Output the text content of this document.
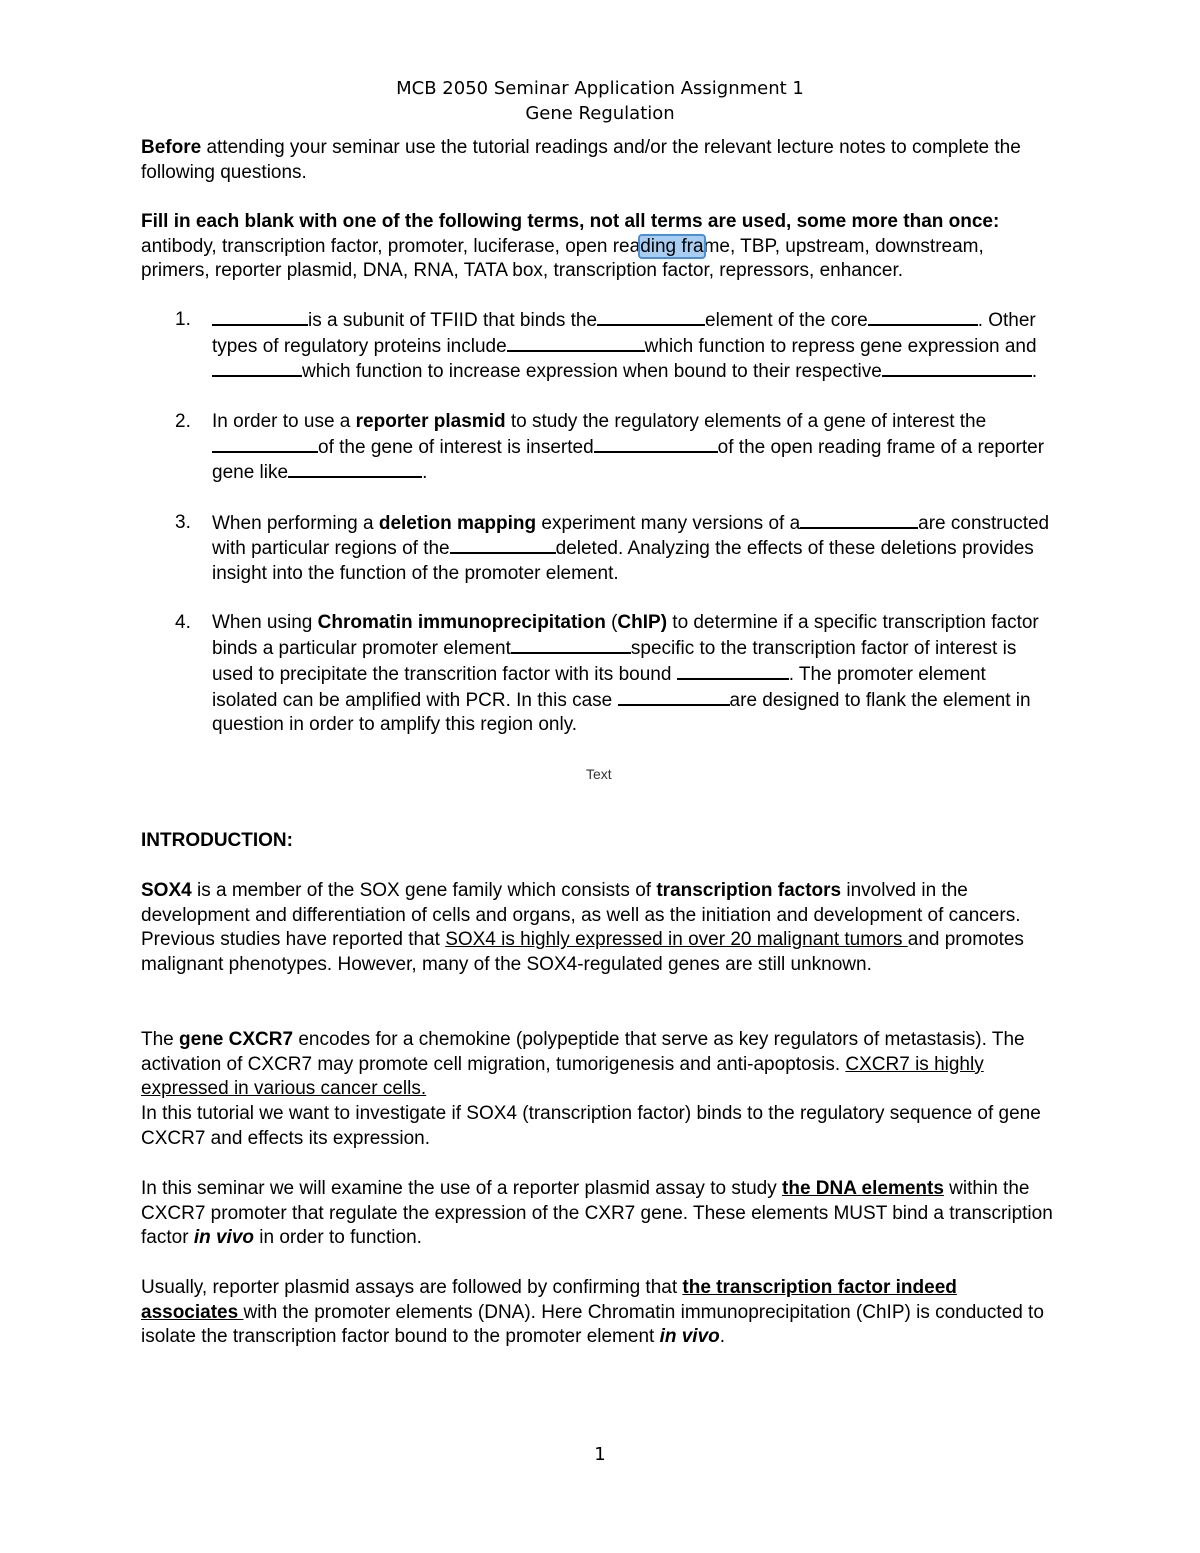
MCB 2050 Seminar Application Assignment 1
Gene Regulation

Before attending your seminar use the tutorial readings and/or the relevant lecture notes to complete the following questions.

Fill in each blank with one of the following terms, not all terms are used, some more than once: antibody, transcription factor, promoter, luciferase, open reading frame, TBP, upstream, downstream, primers, reporter plasmid, DNA, RNA, TATA box, transcription factor, repressors, enhancer.

1.	is a subunit of TFIID that binds the	element of the core	. Other types of regulatory proteins include	which function to repress gene expression andwhich function to increase expression when bound to their respective	.
2. In order to use a reporter plasmid to study the regulatory elements of a gene of interest theof the gene of interest is inserted	of the open reading frame of a reporter gene like	.
3. When performing a deletion mapping experiment many versions of a	are constructed with particular regions of the	deleted. Analyzing the effects of these deletions provides insight into the function of the promoter element.
4. When using Chromatin immunoprecipitation (ChIP) to determine if a specific transcription factor binds a particular promoter element	specific to the transcription factor of interest is used to precipitate the transcrition factor with its bound	. The promoter element isolated can be amplified with PCR. In this case	are designed to flank the element in question in order to amplify this region only.
Text

INTRODUCTION:

SOX4 is a member of the SOX gene family which consists of transcription factors involved in the development and differentiation of cells and organs, as well as the initiation and development of cancers. Previous studies have reported that SOX4 is highly expressed in over 20 malignant tumors and promotes malignant phenotypes. However, many of the SOX4-regulated genes are still unknown.

The gene CXCR7 encodes for a chemokine (polypeptide that serve as key regulators of metastasis). The activation of CXCR7 may promote cell migration, tumorigenesis and anti-apoptosis. CXCR7 is highly expressed in various cancer cells.
In this tutorial we want to investigate if SOX4 (transcription factor) binds to the regulatory sequence of gene CXCR7 and effects its expression.

In this seminar we will examine the use of a reporter plasmid assay to study the DNA elements within the CXCR7 promoter that regulate the expression of the CXR7 gene. These elements MUST bind a transcription factor in vivo in order to function.

Usually, reporter plasmid assays are followed by confirming that the transcription factor indeed associates with the promoter elements (DNA). Here Chromatin immunoprecipitation (ChIP) is conducted to isolate the transcription factor bound to the promoter element in vivo.

1
